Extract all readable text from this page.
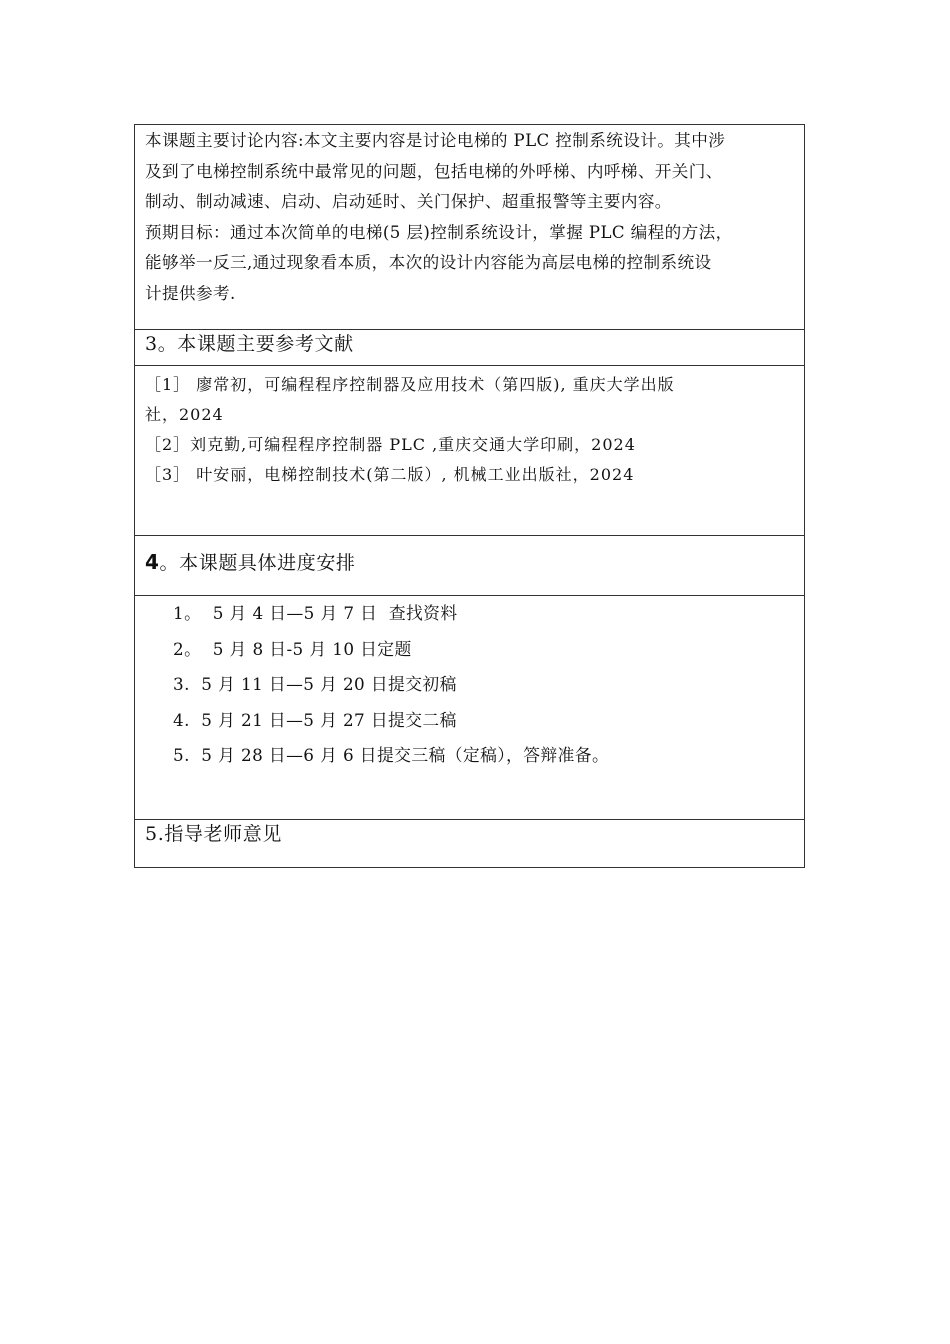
本课题主要讨论内容:本文主要内容是讨论电梯的 PLC 控制系统设计。其中涉

及到了电梯控制系统中最常见的问题，包括电梯的外呼梯、内呼梯、开关门、

制动、制动减速、启动、启动延时、关门保护、超重报警等主要内容。

预期目标：通过本次简单的电梯(5 层)控制系统设计，掌握 PLC 编程的方法，

能够举一反三,通过现象看本质，本次的设计内容能为高层电梯的控制系统设

计提供参考.

3。本课题主要参考文献

［1］ 廖常初，可编程程序控制器及应用技术（第四版), 重庆大学出版

社，2024

［2］刘克勤,可编程程序控制器 PLC ,重庆交通大学印刷，2024

［3］ 叶安丽，电梯控制技术(第二版）, 机械工业出版社，2024

4。本课题具体进度安排

1。  5 月 4 日—5 月 7 日  查找资料

2。  5 月 8 日-5 月 10 日定题

3.  5 月 11 日—5 月 20 日提交初稿

4.  5 月 21 日—5 月 27 日提交二稿

5.  5 月 28 日—6 月 6 日提交三稿（定稿），答辩准备。

5.指导老师意见
